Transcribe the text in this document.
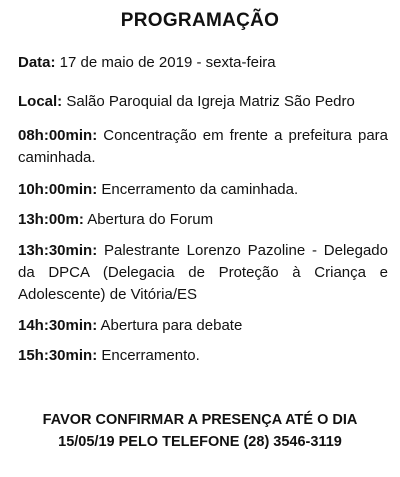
PROGRAMAÇÃO
Data: 17 de maio de 2019 - sexta-feira
Local: Salão Paroquial da Igreja Matriz São Pedro
08h:00min: Concentração em frente a prefeitura para caminhada.
10h:00min: Encerramento da caminhada.
13h:00m: Abertura do Forum
13h:30min: Palestrante Lorenzo Pazoline - Delegado da DPCA (Delegacia de Proteção à Criança e Adolescente) de Vitória/ES
14h:30min: Abertura para debate
15h:30min: Encerramento.
FAVOR CONFIRMAR A PRESENÇA ATÉ O DIA
15/05/19 PELO TELEFONE (28) 3546-3119
